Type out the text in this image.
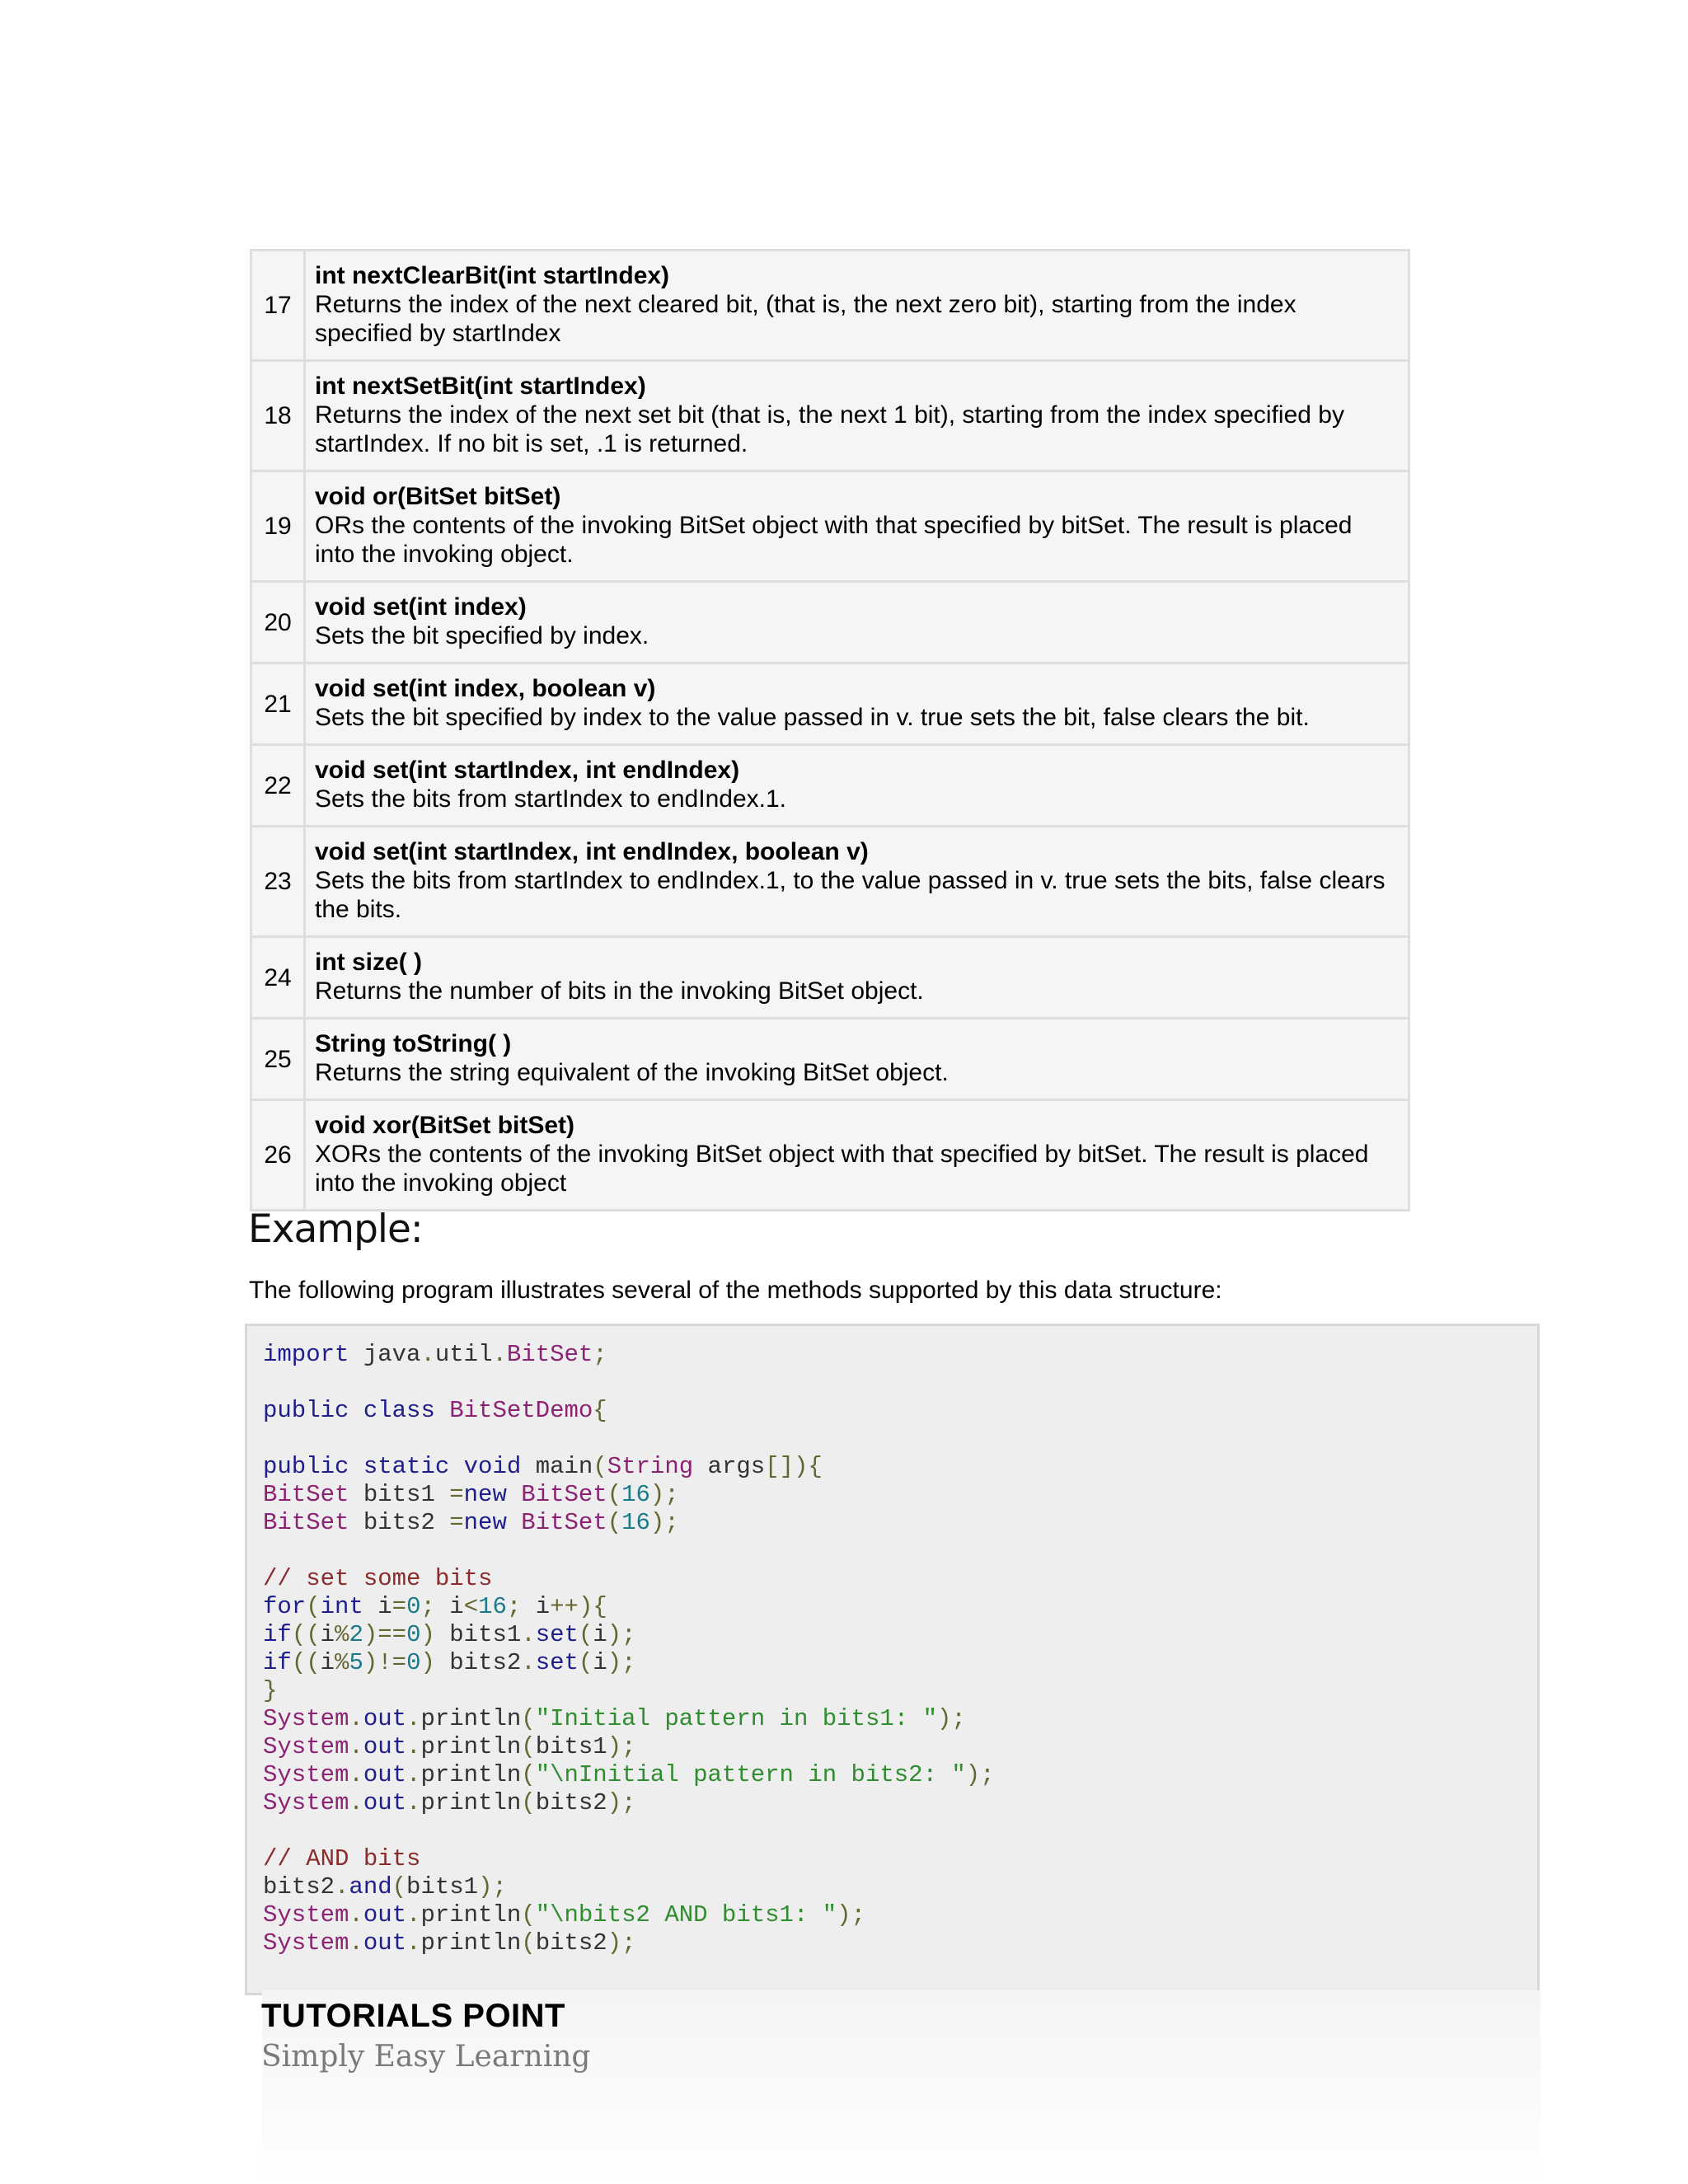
17	int nextClearBit(int startIndex)
Returns the index of the next cleared bit, (that is, the next zero bit), starting from the index specified by startIndex

18	int nextSetBit(int startIndex)
Returns the index of the next set bit (that is, the next 1 bit), starting from the index specified by startIndex. If no bit is set, .1 is returned.

19	void or(BitSet bitSet)
ORs the contents of the invoking BitSet object with that specified by bitSet. The result is placed into the invoking object.

20	void set(int index)
Sets the bit specified by index.

21	void set(int index, boolean v)
Sets the bit specified by index to the value passed in v. true sets the bit, false clears the bit.

22	void set(int startIndex, int endIndex)
Sets the bits from startIndex to endIndex.1.

23	void set(int startIndex, int endIndex, boolean v)
Sets the bits from startIndex to endIndex.1, to the value passed in v. true sets the bits, false clears the bits.

24	int size( )
Returns the number of bits in the invoking BitSet object.

25	String toString( )
Returns the string equivalent of the invoking BitSet object.

26	void xor(BitSet bitSet)
XORs the contents of the invoking BitSet object with that specified by bitSet. The result is placed into the invoking object
Example:

The following program illustrates several of the methods supported by this data structure:

import java.util.BitSet;

public class BitSetDemo{

public static void main(String args[]){
BitSet bits1 =new BitSet(16);
BitSet bits2 =new BitSet(16);

// set some bits
for(int i=0; i<16; i++){
if((i%2)==0) bits1.set(i);
if((i%5)!=0) bits2.set(i);
}
System.out.println("Initial pattern in bits1: ");
System.out.println(bits1);
System.out.println("\nInitial pattern in bits2: ");
System.out.println(bits2);

// AND bits
bits2.and(bits1);
System.out.println("\nbits2 AND bits1: ");
System.out.println(bits2);
TUTORIALS POINT
Simply Easy Learning
